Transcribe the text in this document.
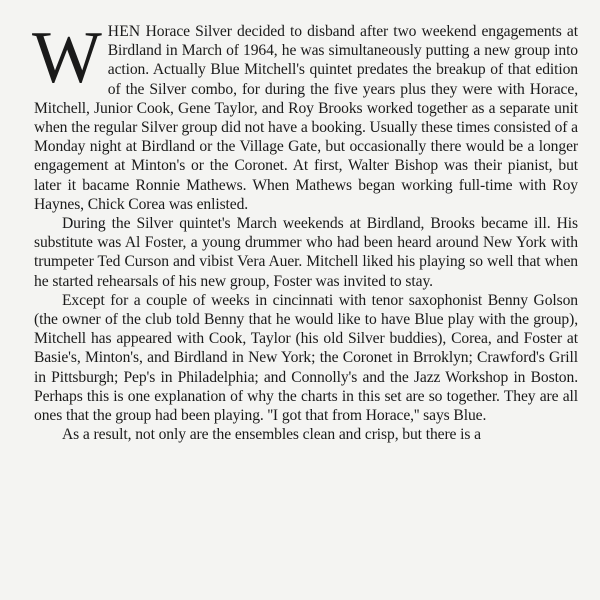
WHEN Horace Silver decided to disband after two weekend engagements at Birdland in March of 1964, he was simultaneously putting a new group into action. Actually Blue Mitchell's quintet predates the breakup of that edition of the Silver combo, for during the five years plus they were with Horace, Mitchell, Junior Cook, Gene Taylor, and Roy Brooks worked together as a separate unit when the regular Silver group did not have a booking. Usually these times consisted of a Monday night at Birdland or the Village Gate, but occasionally there would be a longer engagement at Minton's or the Coronet. At first, Walter Bishop was their pianist, but later it bacame Ronnie Mathews. When Mathews began working full-time with Roy Haynes, Chick Corea was enlisted.

During the Silver quintet's March weekends at Birdland, Brooks became ill. His substitute was Al Foster, a young drummer who had been heard around New York with trumpeter Ted Curson and vibist Vera Auer. Mitchell liked his playing so well that when he started rehearsals of his new group, Foster was invited to stay.

Except for a couple of weeks in cincinnati with tenor saxophonist Benny Golson (the owner of the club told Benny that he would like to have Blue play with the group), Mitchell has appeared with Cook, Taylor (his old Silver buddies), Corea, and Foster at Basie's, Minton's, and Birdland in New York; the Coronet in Brroklyn; Crawford's Grill in Pittsburgh; Pep's in Philadelphia; and Connolly's and the Jazz Workshop in Boston. Perhaps this is one explanation of why the charts in this set are so together. They are all ones that the group had been playing. ''I got that from Horace,'' says Blue.

As a result, not only are the ensembles clean and crisp, but there is a
